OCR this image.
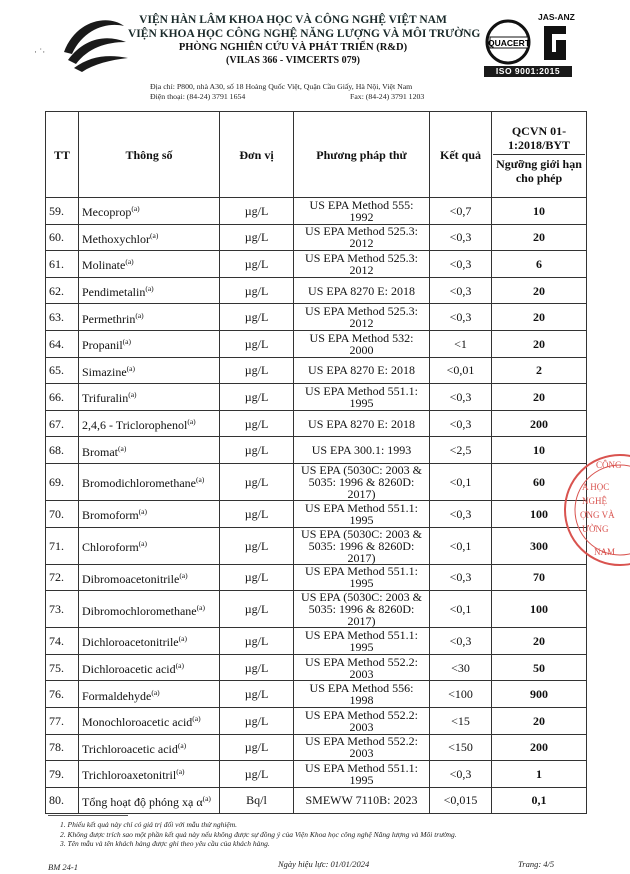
· ˙·
VIỆN HÀN LÂM KHOA HỌC VÀ CÔNG NGHỆ VIỆT NAM
VIỆN KHOA HỌC CÔNG NGHỆ NĂNG LƯỢNG VÀ MÔI TRƯỜNG
PHÒNG NGHIÊN CỨU VÀ PHÁT TRIỂN (R&D)
(VILAS 366 - VIMCERTS 079)
Địa chỉ: P800, nhà A30, số 18 Hoàng Quốc Việt, Quận Cầu Giấy, Hà Nội, Việt Nam
Điện thoại: (84-24) 3791 1654	Fax: (84-24) 3791 1203
JAS-ANZ
QUACERT
ISO 9001:2015
TT	Thông số	Đơn vị	Phương pháp thử	Kết quả	QCVN 01-1:2018/BYT
Ngưỡng giới hạn cho phép

59.	Mecoprop$^{(a)}$	µg/L	US EPA Method 555: 1992	<0,7	10
60.	Methoxychlor$^{(a)}$	µg/L	US EPA Method 525.3: 2012	<0,3	20
61.	Molinate$^{(a)}$	µg/L	US EPA Method 525.3: 2012	<0,3	6
62.	Pendimetalin$^{(a)}$	µg/L	US EPA 8270 E: 2018	<0,3	20
63.	Permethrin$^{(a)}$	µg/L	US EPA Method 525.3: 2012	<0,3	20
64.	Propanil$^{(a)}$	µg/L	US EPA Method 532: 2000	<1	20
65.	Simazine$^{(a)}$	µg/L	US EPA 8270 E: 2018	<0,01	2
66.	Trifuralin$^{(a)}$	µg/L	US EPA Method 551.1: 1995	<0,3	20
67.	2,4,6 - Triclorophenol$^{(a)}$	µg/L	US EPA 8270 E: 2018	<0,3	200
68.	Bromat$^{(a)}$	µg/L	US EPA 300.1: 1993	<2,5	10
69.	Bromodichloromethane$^{(a)}$	µg/L	US EPA (5030C: 2003 & 5035: 1996 & 8260D: 2017)	<0,1	60
70.	Bromoform$^{(a)}$	µg/L	US EPA Method 551.1: 1995	<0,3	100
71.	Chloroform$^{(a)}$	µg/L	US EPA (5030C: 2003 & 5035: 1996 & 8260D: 2017)	<0,1	300
72.	Dibromoacetonitrile$^{(a)}$	µg/L	US EPA Method 551.1: 1995	<0,3	70
73.	Dibromochloromethane$^{(a)}$	µg/L	US EPA (5030C: 2003 & 5035: 1996 & 8260D: 2017)	<0,1	100
74.	Dichloroacetonitrile$^{(a)}$	µg/L	US EPA Method 551.1: 1995	<0,3	20
75.	Dichloroacetic acid$^{(a)}$	µg/L	US EPA Method 552.2: 2003	<30	50
76.	Formaldehyde$^{(a)}$	µg/L	US EPA Method 556: 1998	<100	900
77.	Monochloroacetic acid$^{(a)}$	µg/L	US EPA Method 552.2: 2003	<15	20
78.	Trichloroacetic acid$^{(a)}$	µg/L	US EPA Method 552.2: 2003	<150	200
79.	Trichloroaxetonitril$^{(a)}$	µg/L	US EPA Method 551.1: 1995	<0,3	1
80.	Tổng hoạt độ phóng xạ $\alpha^{(a)}$	Bq/l	SMEWW 7110B: 2023	<0,015	0,1
CÔNG
A HỌC
NGHỆ
ỢNG VÀ
ƯỜNG
NAM
1. Phiếu kết quả này chỉ có giá trị đối với mẫu thử nghiệm.
2. Không được trích sao một phần kết quả này nếu không được sự đồng ý của Viện Khoa học công nghệ Năng lượng và Môi trường.
3. Tên mẫu và tên khách hàng được ghi theo yêu cầu của khách hàng.
BM 24-1	Ngày hiệu lực: 01/01/2024	Trang: 4/5
